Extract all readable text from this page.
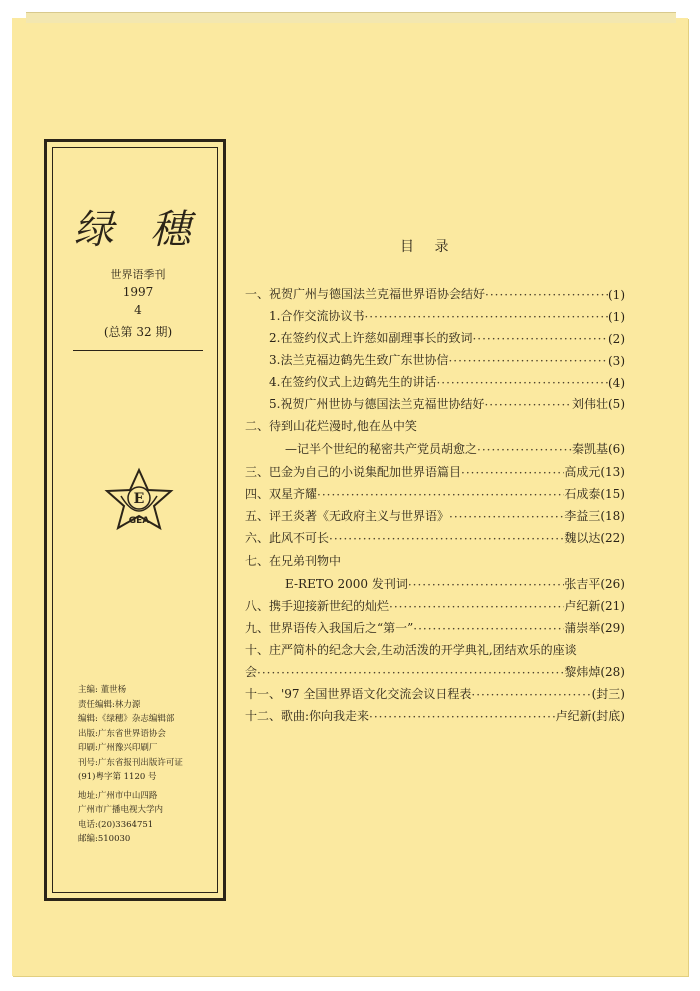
绿 穗
世界语季刊
1997
4
(总第 32 期)
E
GEA
主编: 董世杨
责任编辑:林力源
编辑:《绿穗》杂志编辑部
出版:广东省世界语协会
印刷:广州豫兴印刷厂
刊号:广东省报刊出版许可证
(91)粤字第 1120 号
地址:广州市中山四路
广州市广播电视大学内
电话:(20)3364751
邮编:510030
目 录
一、祝贺广州与德国法兰克福世界语协会结好 ·····	(1)
1.合作交流协议书 ·····	(1)
2.在签约仪式上许慈如副理事长的致词 ·····	(2)
3.法兰克福边鹤先生致广东世协信 ·····	(3)
4.在签约仪式上边鹤先生的讲话 ·····	(4)
5.祝贺广州世协与德国法兰克福世协结好 ·····	刘伟壮(5)
二、待到山花烂漫时,他在丛中笑
—记半个世纪的秘密共产党员胡愈之 ·····	秦凯基(6)
三、巴金为自己的小说集配加世界语篇目 ·····	高成元(13)
四、双星齐耀 ·····	石成泰(15)
五、评王炎著《无政府主义与世界语》 ·····	李益三(18)
六、此风不可长 ·····	魏以达(22)
七、在兄弟刊物中
E-RETO 2000 发刊词 ·····	张吉平(26)
八、携手迎接新世纪的灿烂 ·····	卢纪新(21)
九、世界语传入我国后之“第一” ·····	蒲崇举(29)
十、庄严简朴的纪念大会,生动活泼的开学典礼,团结欢乐的座谈
会 ·····	黎炜焯(28)
十一、'97 全国世界语文化交流会议日程表 ·····	(封三)
十二、歌曲:你向我走来 ·····	卢纪新(封底)
